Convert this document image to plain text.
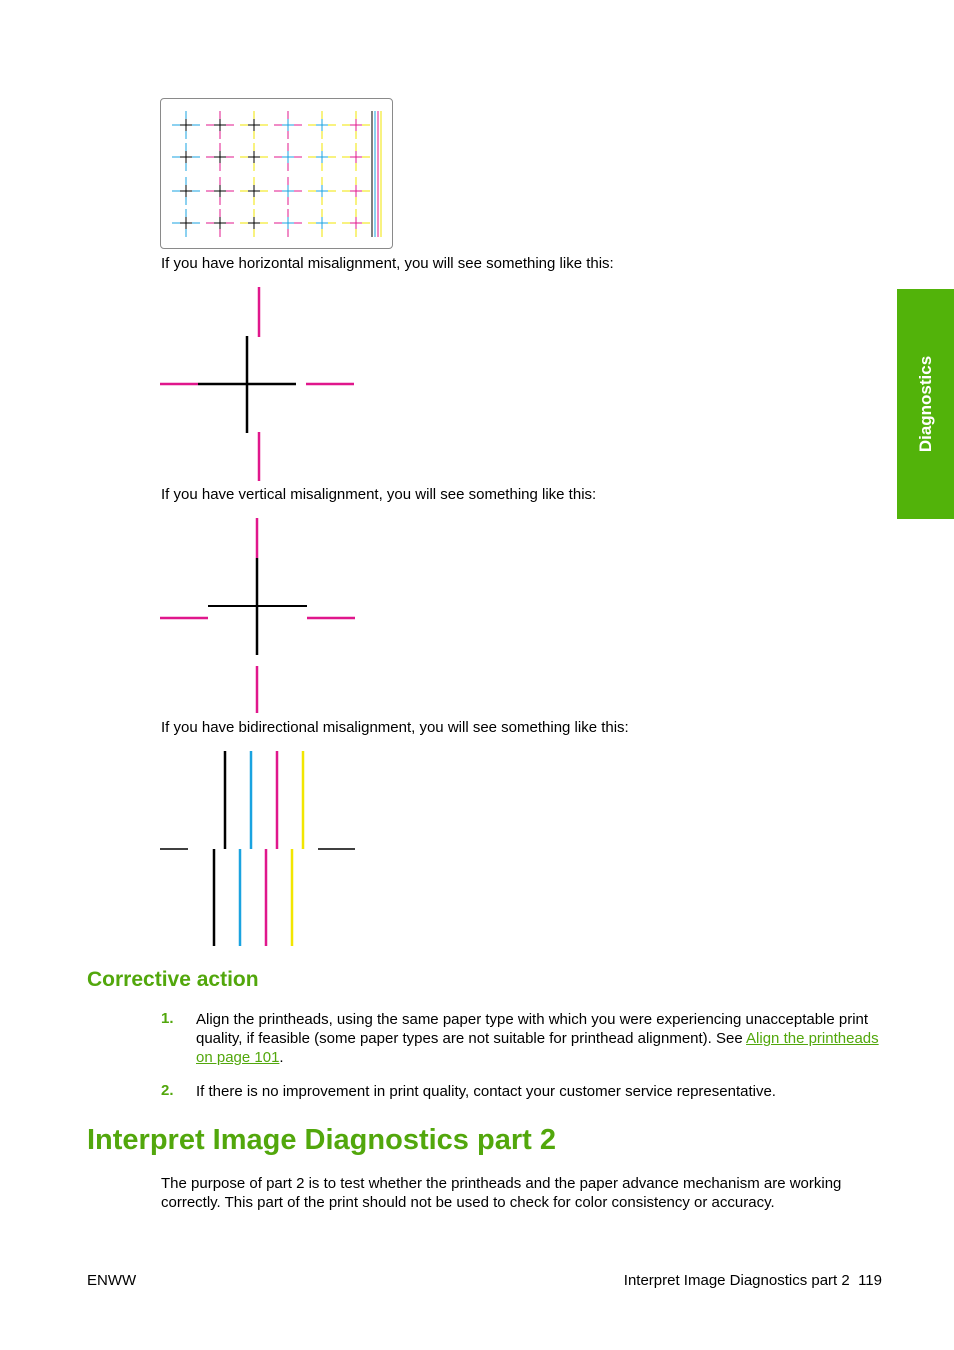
Diagnostics
If you have horizontal misalignment, you will see something like this:
If you have vertical misalignment, you will see something like this:
If you have bidirectional misalignment, you will see something like this:
Corrective action
1. Align the printheads, using the same paper type with which you were experiencing unacceptable print quality, if feasible (some paper types are not suitable for printhead alignment). See Align the printheads on page 101.
2. If there is no improvement in print quality, contact your customer service representative.
Interpret Image Diagnostics part 2
The purpose of part 2 is to test whether the printheads and the paper advance mechanism are working correctly. This part of the print should not be used to check for color consistency or accuracy.
ENWW	Interpret Image Diagnostics part 2 119
